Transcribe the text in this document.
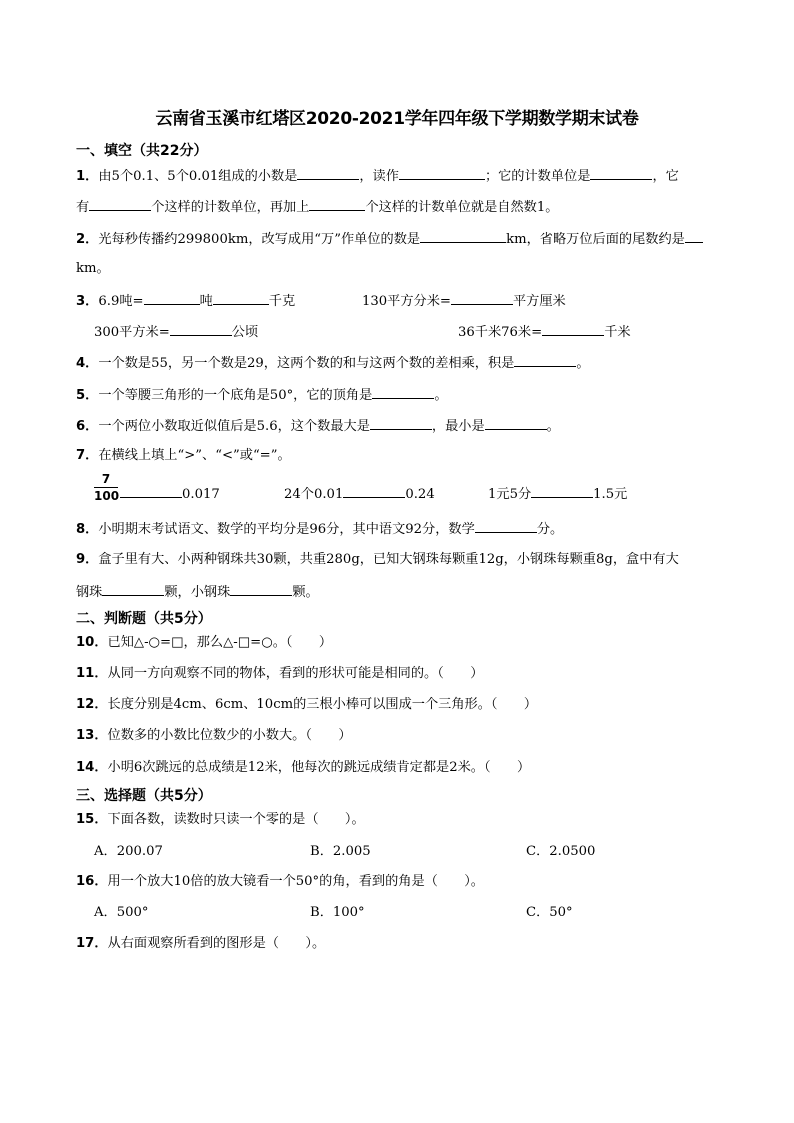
云南省玉溪市红塔区2020-2021学年四年级下学期数学期末试卷
一、填空（共22分）
1．由5个0.1、5个0.01组成的小数是	，读作	；它的计数单位是	，它
有	个这样的计数单位，再加上	个这样的计数单位就是自然数1。
2．光每秒传播约299800km，改写成用“万”作单位的数是	km，省略万位后面的尾数约是
km。
3．6.9吨=	吨	千克	130平方分米=	平方厘米
300平方米=	公顷	36千米76米=	千米
4．一个数是55，另一个数是29，这两个数的和与这两个数的差相乘，积是	。
5．一个等腰三角形的一个底角是50°，它的顶角是	。
6．一个两位小数取近似值后是5.6，这个数最大是	，最小是	。
7．在横线上填上“>”、“<”或“=”。
7
100	0.017	24个0.01	0.24	1元5分	1.5元
8．小明期末考试语文、数学的平均分是96分，其中语文92分，数学	分。
9．盒子里有大、小两种钢珠共30颗，共重280g，已知大钢珠每颗重12g，小钢珠每颗重8g，盒中有大
钢珠	颗，小钢珠	颗。
二、判断题（共5分）
10．已知△-○=□，那么△-□=○。（　　）
11．从同一方向观察不同的物体，看到的形状可能是相同的。（　　）
12．长度分别是4cm、6cm、10cm的三根小棒可以围成一个三角形。（　　）
13．位数多的小数比位数少的小数大。（　　）
14．小明6次跳远的总成绩是12米，他每次的跳远成绩肯定都是2米。（　　）
三、选择题（共5分）
15．下面各数，读数时只读一个零的是（　　）。
A．200.07	B．2.005	C．2.0500
16．用一个放大10倍的放大镜看一个50°的角，看到的角是（　　）。
A．500°	B．100°	C．50°
17．从右面观察所看到的图形是（　　）。
